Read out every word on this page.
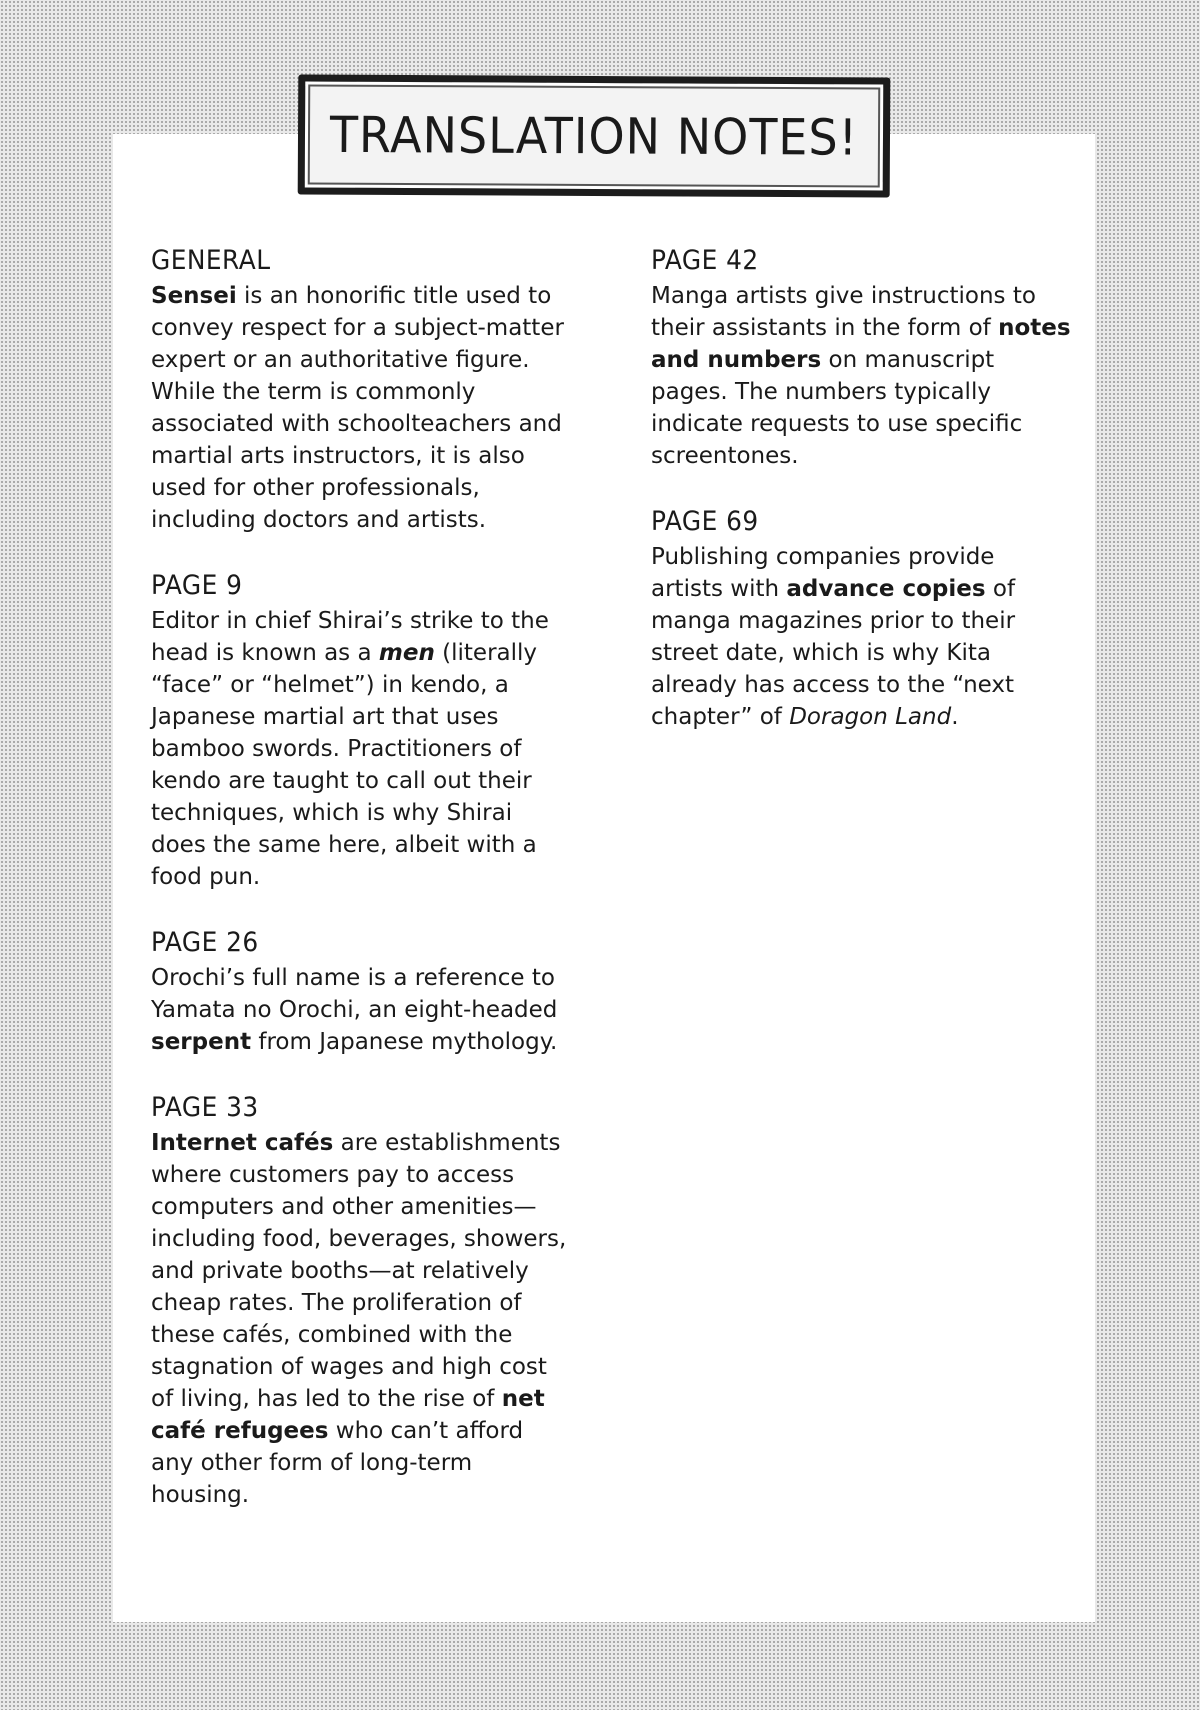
TRANSLATION NOTES!
GENERAL

Sensei is an honorific title used to convey respect for a subject-matter expert or an authoritative figure. While the term is commonly associated with schoolteachers and martial arts instructors, it is also used for other professionals, including doctors and artists.

PAGE 9

Editor in chief Shirai’s strike to the head is known as a men (literally “face” or “helmet”) in kendo, a Japanese martial art that uses bamboo swords. Practitioners of kendo are taught to call out their techniques, which is why Shirai does the same here, albeit with a food pun.

PAGE 26

Orochi’s full name is a reference to Yamata no Orochi, an eight-headed serpent from Japanese mythology.

PAGE 33

Internet cafés are establishments where customers pay to access computers and other amenities—including food, beverages, showers, and private booths—at relatively cheap rates. The proliferation of these cafés, combined with the stagnation of wages and high cost of living, has led to the rise of net café refugees who can’t afford any other form of long-term housing.

PAGE 42

Manga artists give instructions to their assistants in the form of notes and numbers on manuscript pages. The numbers typically indicate requests to use specific screentones.

PAGE 69

Publishing companies provide artists with advance copies of manga magazines prior to their street date, which is why Kita already has access to the “next chapter” of Doragon Land.
